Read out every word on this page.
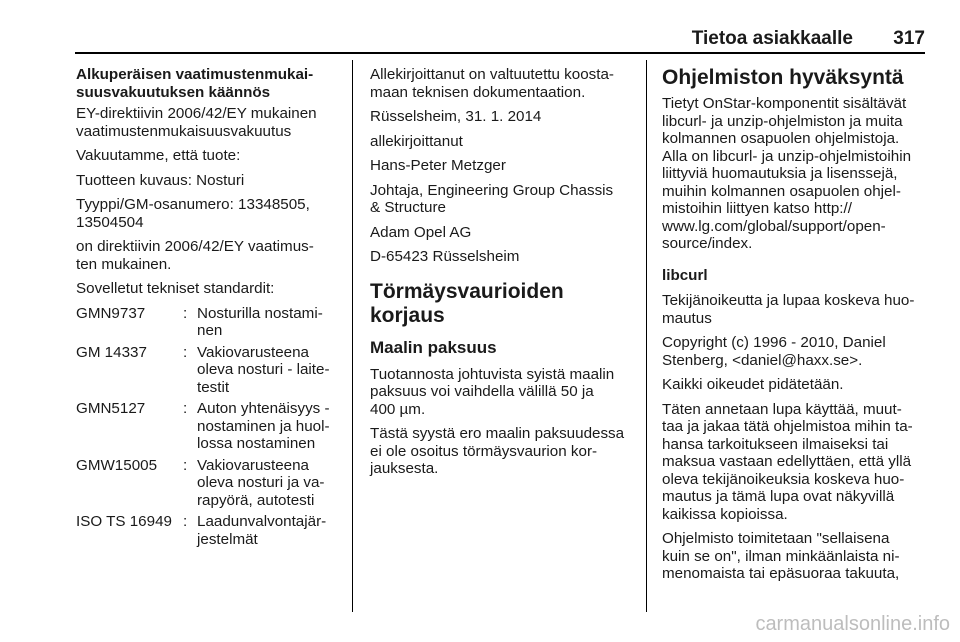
Tietoa asiakkaalle 317
Alkuperäisen vaatimustenmukai-
suusvakuutuksen käännös

EY-direktiivin 2006/42/EY mukainen
vaatimustenmukaisuusvakuutus

Vakuutamme, että tuote:

Tuotteen kuvaus: Nosturi

Tyyppi/GM-osanumero: 13348505,
13504504

on direktiivin 2006/42/EY vaatimus-
ten mukainen.

Sovelletut tekniset standardit:

GMN9737	: Nosturilla nostami-
nen
GM 14337	: Vakiovarusteena
oleva nosturi - laite-
testit
GMN5127	: Auton yhtenäisyys -
nostaminen ja huol-
lossa nostaminen
GMW15005	: Vakiovarusteena
oleva nosturi ja va-
rapyörä, autotesti
ISO TS 16949 : Laadunvalvontajär-
jestelmät

Allekirjoittanut on valtuutettu koosta-
maan teknisen dokumentaation.

Rüsselsheim, 31. 1. 2014

allekirjoittanut

Hans-Peter Metzger

Johtaja, Engineering Group Chassis
& Structure

Adam Opel AG

D-65423 Rüsselsheim

Törmäysvaurioiden korjaus
Maalin paksuus

Tuotannosta johtuvista syistä maalin
paksuus voi vaihdella välillä 50 ja
400 µm.

Tästä syystä ero maalin paksuudessa
ei ole osoitus törmäysvaurion kor-
jauksesta.

Ohjelmiston hyväksyntä

Tietyt OnStar-komponentit sisältävät
libcurl- ja unzip-ohjelmiston ja muita
kolmannen osapuolen ohjelmistoja.
Alla on libcurl- ja unzip-ohjelmistoihin
liittyviä huomautuksia ja lisenssejä,
muihin kolmannen osapuolen ohjel-
mistoihin liittyen katso http://
www.lg.com/global/support/open-
source/index.

libcurl

Tekijänoikeutta ja lupaa koskeva huo-
mautus

Copyright (c) 1996 - 2010, Daniel
Stenberg, <daniel@haxx.se>.

Kaikki oikeudet pidätetään.

Täten annetaan lupa käyttää, muut-
taa ja jakaa tätä ohjelmistoa mihin ta-
hansa tarkoitukseen ilmaiseksi tai
maksua vastaan edellyttäen, että yllä
oleva tekijänoikeuksia koskeva huo-
mautus ja tämä lupa ovat näkyvillä
kaikissa kopioissa.

Ohjelmisto toimitetaan "sellaisena
kuin se on", ilman minkäänlaista ni-
menomaista tai epäsuoraa takuuta,

carmanualsonline.info
